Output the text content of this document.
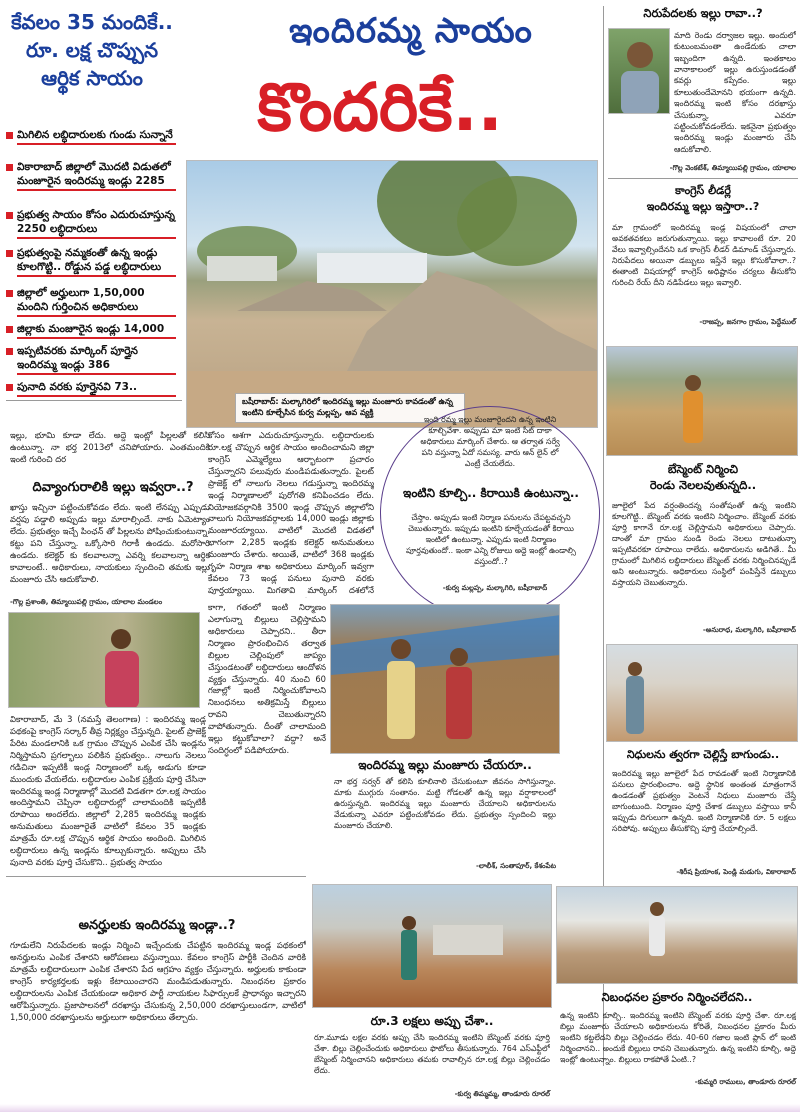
కేవలం 35 మందికే..
రూ. లక్ష చొప్పున
ఆర్థిక సాయం
ఇందిరమ్మ సాయం
కొందరికే..
మిగిలిన లబ్ధిదారులకు గుండు సున్నానే
వికారాబాద్ జిల్లాలో మొదటి విడుతలో మంజూరైన ఇందిరమ్మ ఇండ్లు 2285
ప్రభుత్వ సాయం కోసం ఎదురుచూస్తున్న 2250 లబ్ధిదారులు
ప్రభుత్వంపై నమ్మకంతో ఉన్న ఇండ్లు కూలగొట్టి.. రోడ్డున పడ్డ లబ్ధిదారులు
జిల్లాలో అర్హులుగా 1,50,000 మందిని గుర్తించిన అధికారులు
జిల్లాకు మంజూరైన ఇండ్లు 14,000
ఇప్పటివరకు మార్కింగ్ పూర్తైన ఇందిరమ్మ ఇండ్లు 386
పునాది వరకు పూర్తైనవి 73..
బషీరాబాద్: మల్కాగిరిలో ఇందిరమ్మ ఇల్లు మంజూరు కావడంతో ఉన్న ఇంటిని కూల్చేసిన కుర్వ మల్లప్ప, ఆవ వ్యక్తి
నిరుపేదలకు ఇల్లు రావా..?
మాది రెండు దర్వాజల ఇల్లు. అందులో కుటుంబమంతా ఉండేదుకు చాలా ఇబ్బందిగా ఉన్నది. ఇంతకాలం వానాకాలంలో ఇల్లు ఉరుస్తుండడంతో కవర్లు కప్పేదం. ఇల్లు కూలుతుందేమోనని భయంగా ఉన్నది. ఇందిరమ్మ ఇంటి కోసం దరఖాస్తు చేసుకున్నా, ఎవరూ పట్టించుకోవడంలేదు. ఇకనైనా ప్రభుత్వం ఇందిరమ్మ ఇండ్లు మంజూరు చేసి ఆదుకోవాలి.
-గొల్ల వెంకటేశ్, తిమ్మాయిపల్లి గ్రామం, యాలాల
కాంగ్రెస్ లీడర్లే
ఇందిరమ్మ ఇల్లు ఇస్తారా..?
మా గ్రామంలో ఇందిరమ్మ ఇండ్ల విషయంలో చాలా అవకతవకలు జరుగుతున్నాయి. ఇల్లు కావాలంటే రూ. 20 వేలు ఇవ్వాల్సిందేనని ఒక కాంగ్రెస్ లీడర్ డిమాండ్ చేస్తున్నారు. నిరుపేదలు అయినా డబ్బులు ఇస్తేనే ఇల్లు కొసుకోవాలా..? ఈతాంటి విషయాల్లో కాంగ్రెస్ అధిష్టానం చర్యలు తీసుకోని గురించి రేయ్ దీని నడిపేడలు ఇల్లు ఇవ్వాలి.
-రాజప్ప, జనగాం గ్రామం, పెద్దేముల్
బేస్మెంట్ నిర్మించి
రెండు నెలలవుతున్నది..
జూలైలో పేద వర్షంతిందన్న సంతోషంతో ఉన్న ఇంటిని కూలగొట్టి.. బేస్మెంట్ వరకు ఇంటిని నిర్మించాం. బేస్మెంట్ వరకు పూర్తి కాగానే రూ.లక్ష చెల్లిస్తామని అధికారులు చెప్పారు. దాంతో మా గ్రామం నుండి రెండు నెలలు దాటుతున్నా ఇప్పటివరకూ రూపాయి రాలేదు. అధికారులను అడిగితే.. మీ గ్రామంలో మిగిలిన లబ్ధిదారులు బేస్మెంట్ వరకు నిర్మించినప్పుడే అని అంటున్నారు. అధికారులు సంస్థిలో పంపిస్తేనే డబ్బులు వస్తాయని చెబుతున్నారు.
-అనురాధ, మల్కాగిరి, బషీరాబాద్
నిధులను త్వరగా చెల్లిస్తే బాగుండు..
ఇందిరమ్మ ఇల్లు జూలైలో పేద రావడంతో ఇంటి నిర్మాణానికి పనులు ప్రారంభించాం. అద్దె స్థానిక అంతంత మాత్రంగానే ఉండడంతో ప్రభుత్వం వెంటనే నిధులు మంజూరు చేస్తే బాగుంటుంది. నిర్మాణం పూర్తి చేశాక డబ్బులు వస్తాయి కానీ ఇప్పుడు దిగులుగా ఉన్నది. ఇంటి నిర్మాణానికి రూ. 5 లక్షలు సరిపోవు. అప్పులు తీసుకొచ్చి పూర్తి చేయాల్సిందే.
-శిరీష ప్రియాంక, పెండ్లి మడుగు, వికారాబాద్
నిబంధనల ప్రకారం నిర్మించలేదని..
ఉన్న ఇంటిని కూల్చి.. ఇందిరమ్మ ఇంటిని బేస్మెంట్ వరకు పూర్తి చేశా. రూ.లక్ష బిల్లు మంజూరు చేయాలని అధికారులను కోరితే, నిబంధనల ప్రకారం మీరు ఇంటిని కట్టలేదని బిల్లు చెల్లించడం లేదు. 40-60 గజాల ఇంటి ప్లాన్ లో ఇంటి నిర్మించానని.. అందుకే బిల్లులు రావని చెబుతున్నారు. ఉన్న ఇంటిని కూల్చి, అద్దె ఇంట్లో ఉంటున్నాం. బిల్లులు రాకపోతే ఏంటి..?
-కుమ్మరి రాములు, తాండూరు రూరల్
ఇల్లు, భూమి కూడా లేదు. అద్దె ఇంట్లో పిల్లలతో కలిసి ఉంటున్నా. నా భర్త 2013లో చనిపోయారు. ఎంతమందికి ఇంటి గురించి దర
దివ్యాంగురాలికి ఇల్లు ఇవ్వరా..?
ఖాస్తు ఇచ్చినా పట్టించుకోవడం లేదు. ఇంటి లేనప్పు ఎప్పుడు వర్షపు పడ్డాలి అప్పుడు ఇల్లు మారాల్సిందే. నాకు ఏమెట్యాం లేదు. ప్రభుత్వం ఇచ్చే పింఛన్ తో పిల్లలను పోషించుకుంటున్నా. కట్టు పని చేస్తున్నా. ఒక్కోసారి గిరాకీ ఉండదు. మరోసారి ఉండదు. కలెక్టర్ కు కలవాలన్నా ఎవర్ని కలవాలన్నా ఆర్థిక కావాలంటే.. అధికారులు, నాయకులు స్పందించి తమకు ఇల్లు మంజూరు చేసి ఆదుకోవాలి.
-గొల్ల ప్రశాంతి, తిమ్మాయిపల్లి గ్రామం, యాలాల మండలం
వికారాబాద్, మే 3 (నమస్తే తెలంగాణ) : ఇందిరమ్మ ఇండ్ల పథకంపై కాంగ్రెస్ సర్కార్ తీవ్ర నిర్లక్ష్యం చేస్తున్నది. పైలట్ ప్రాజెక్ట్ పేరిట మండలానికి ఒక గ్రామం చొప్పున ఎంపిక చేసి ఇండ్లను నిర్మిస్తామని ప్రగల్భాలు పలికిన ప్రభుత్వం.. నాలుగు నెలలు గడిచినా ఇప్పటికీ ఇండ్ల నిర్మాణంలో ఒక్క అడుగు కూడా ముందుకు వేయలేదు. లబ్ధిదారుల ఎంపిక ప్రక్రియ పూర్తి చేసినా ఇందిరమ్మ ఇండ్ల నిర్మాణాల్లో మొదటి విడతగా రూ.లక్ష సాయం అందిస్తామని చెప్పినా లబ్ధిదారుల్లో చాలామందికి ఇప్పటికీ రూపాయి అందలేదు. జిల్లాలో 2,285 ఇందిరమ్మ ఇండ్లకు అనుమతులు మంజూరైతే వాటిలో కేవలం 35 ఇండ్లకు మాత్రమే రూ.లక్ష చొప్పున ఆర్థిక సాయం అందింది. మిగిలిన లబ్ధిదారులు ఉన్న ఇండ్లను కూల్చుకున్నారు. అప్పులు చేసి పునాది వరకు పూర్తి చేసుకొని.. ప్రభుత్వ సాయం
కోసం ఆశగా ఎదురుచూస్తున్నారు. లబ్ధిదారులకు రూ.లక్ష చొప్పున ఆర్థిక సాయం అందించామని జిల్లా కాంగ్రెస్ ఎమ్మెల్యేలు ఆర్భాటంగా ప్రచారం చేస్తున్నారని పలువురు మండిపడుతున్నారు. పైలట్ ప్రాజెక్ట్ లో నాలుగు నెలలు గడుస్తున్నా ఇందిరమ్మ ఇండ్ల నిర్మాణాలలో పురోగతి కనిపించడం లేదు. నియోజకవర్గానికి 3500 ఇండ్ల చొప్పున జిల్లాలోని నాలుగు నియోజకవర్గాలకు 14,000 ఇండ్లు జిల్లాకు మంజూరయ్యాయి. వాటిలో మొదటి విడతలో భాగంగా 2,285 ఇండ్లకు కలెక్టర్ అనుమతులు మంజూరు చేశారు. అయితే, వాటిలో 368 ఇండ్లకు గృహ నిర్మాణ శాఖ అధికారులు మార్కింగ్ ఇవ్వగా కేవలం 73 ఇండ్ల పనులు పునాది వరకు పూర్తయ్యాయి. మిగతావి మార్కింగ్ దశలోనే
ఇంది రమ్మ ఇల్లు మంజూరైందని ఉన్న ఇంటిని కూల్చివేశా. అప్పుడు మా ఇంటి సీట్ దాకా అధికారులు మార్కింగ్ చేశారు. ఆ తర్వాత సర్వే పని వస్తున్నా ఏదో సమస్య. వారు ఆన్ లైన్ లో ఎంట్రీ చేయలేదు.
ఇంటిని కూల్చి.. కిరాయికి ఉంటున్నా..
చేస్తాం. అప్పుడు ఇంటి నిర్మాణ పనులను చేపట్టవచ్చని చెబుతున్నారు. ఇప్పుడు ఇంటిని కూల్చేయడంతో కిరాయి ఇంటిలో ఉంటున్నా. ఎప్పుడు ఇంటి నిర్మాణం పూర్తవుతుందో.. ఇంకా ఎన్ని రోజులు అద్దె ఇంట్లో ఉండాల్సి వస్తుందో..?
-కుర్వ మల్లప్ప, మల్కాగిరి, బషీరాబాద్
కాగా, గతంలో ఇంటి నిర్మాణం ఎలాగున్నా బిల్లులు చెల్లిస్తామని అధికారులు చెప్పారని.. తీరా నిర్మాణం ప్రారంభించిన తర్వాత బిల్లుల చెల్లింపులో జాప్యం చేస్తుండటంతో లబ్ధిదారులు ఆందోళన వ్యక్తం చేస్తున్నారు. 40 నుంచి 60 గజాల్లో ఇంటి నిర్మించుకోవాలని నిబంధనలు అతిక్రమిస్తే బిల్లులు రావని చెబుతున్నారని వాపోతున్నారు. దీంతో చాలామంది ఇల్లు కట్టుకోవాలా? వద్దా? అనే సందిగ్ధంలో పడిపోయారు.
ఇందిరమ్మ ఇల్లు మంజూరు చేయరూ..
నా భర్త సర్వర్ తో కలిసి కూలినాలి చేసుకుంటూ జీవనం సాగిస్తున్నాం. మాకు ముగ్గురు సంతానం. మట్టి గోడలతో ఉన్న ఇల్లు వర్షాకాలంలో ఉరుస్తున్నది. ఇందిరమ్మ ఇల్లు మంజూరు చేయాలని అధికారులను వేడుకున్నా ఎవరూ పట్టించుకోవడం లేదు. ప్రభుత్వం స్పందించి ఇల్లు మంజూరు చేయాలి.
-లాలీశ్, సంతాపూర్, కేశంపేట
అనర్హులకు ఇందిరమ్మ ఇండ్లా..?
గూడులేని నిరుపేదలకు ఇండ్లు నిర్మించి ఇచ్చేందుకు చేపట్టిన ఇందిరమ్మ ఇండ్ల పథకంలో అనర్హులను ఎంపిక చేశారని ఆరోపణలు వస్తున్నాయి. కేవలం కాంగ్రెస్ పార్టీకి చెందిన వారికి మాత్రమే లబ్ధిదారులుగా ఎంపిక చేశారని పేద ఆగ్రహం వ్యక్తం చేస్తున్నారు. అర్హులకు కాకుండా కాంగ్రెస్ కార్యకర్తలకు ఇళ్లు కేటాయించారని మండిపడుతున్నారు. నిబంధనల ప్రకారం లబ్ధిదారులను ఎంపిక చేయకుండా అధికార పార్టీ నాయకుల సిఫార్సులకే ప్రాధాన్యం ఇచ్చారని ఆరోపిస్తున్నారు. ప్రజాపాలనలో దరఖాస్తు చేసుకున్న 2,50,000 దరఖాస్తులుండగా, వాటిలో 1,50,000 దరఖాస్తులను అర్హులుగా అధికారులు తేల్చారు.	రూ.3 లక్షలు అప్పు చేశా..
రూ.మూడు లక్షల వరకు అప్పు చేసి ఇందిరమ్మ ఇంటిని బేస్మెంట్ వరకు పూర్తి చేశా. బిల్లు చెల్లించేందుకు అధికారులు ఫొటోలు తీసుకున్నారు. 764 ఎస్ఎఫ్టీలో బేస్మెంట్ నిర్మించానని అధికారులు తమకు రావాల్సిన రూ.లక్ష బిల్లు చెల్లించడం లేదు.
-కుర్వ తిమ్మమ్మ, తాండూరు రూరల్
